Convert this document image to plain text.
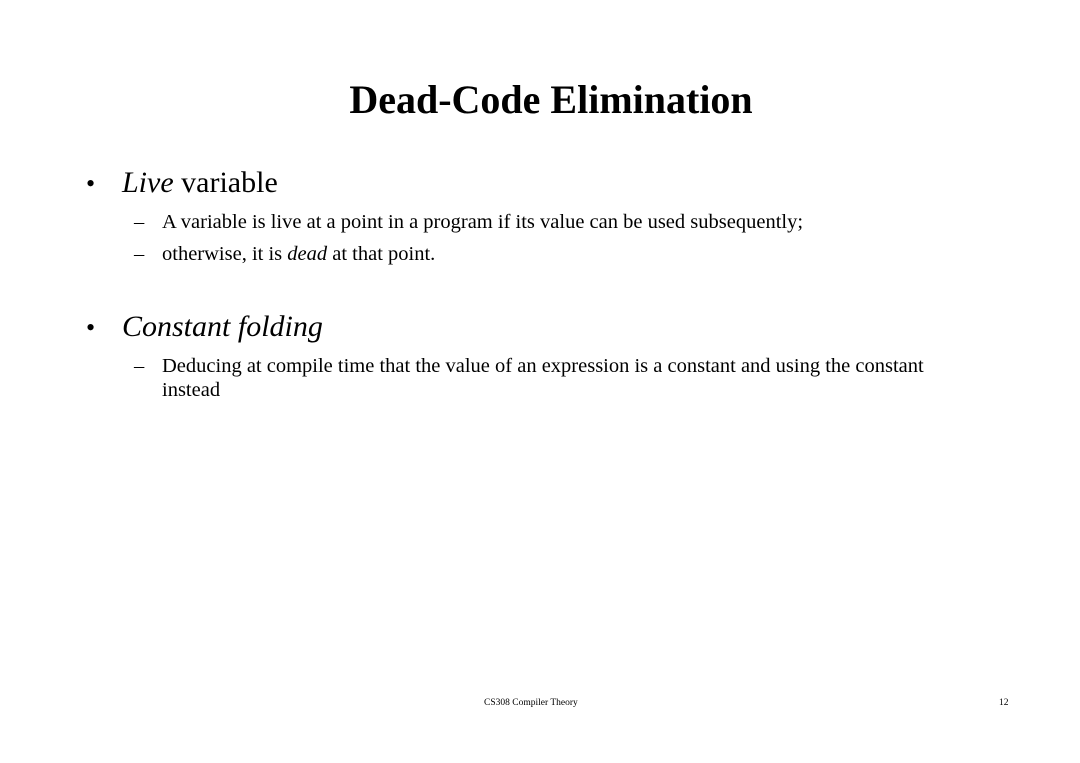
Dead-Code Elimination
• Live variable
– A variable is live at a point in a program if its value can be used subsequently;
– otherwise, it is dead at that point.
• Constant folding
– Deducing at compile time that the value of an expression is a constant and using the constant instead
CS308 Compiler Theory	12
